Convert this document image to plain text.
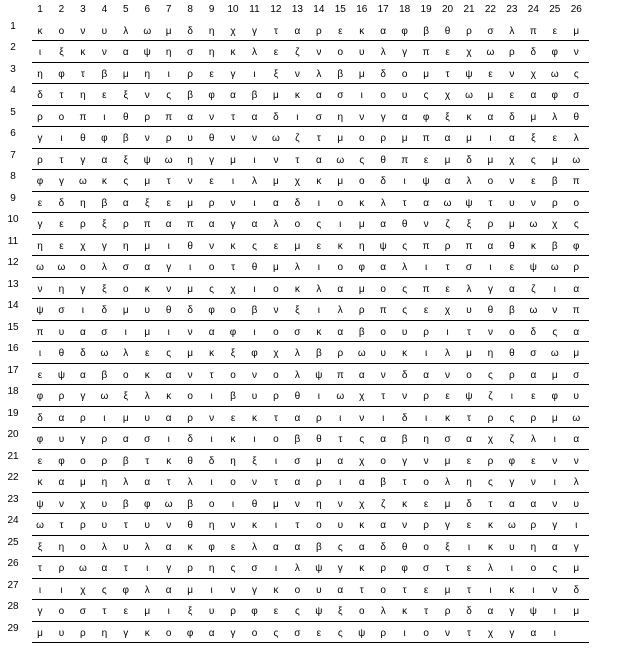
1	2	3	4	5	6	7	8	9	10	11	12	13	14	15	16	17	18	19	20	21	22	23	24	25	26
1	κ	ο	ν	υ	λ	ω	μ	δ	η	χ	γ	τ	α	ρ	ε	κ	α	φ	β	θ	ρ	σ	λ	π	ε	μ
2	ι	ξ	κ	ν	α	ψ	η	σ	η	κ	λ	ε	ζ	ν	ο	υ	λ	γ	π	ε	χ	ω	ρ	δ	φ	ν
3	η	φ	τ	β	μ	η	ι	ρ	ε	γ	ι	ξ	ν	λ	β	μ	δ	ο	μ	τ	ψ	ε	ν	χ	ω	ς
4	δ	τ	η	ε	ξ	ν	ς	β	φ	α	β	μ	κ	α	σ	ι	ο	υ	ς	χ	ω	μ	ε	α	φ	σ
5	ρ	ο	π	ι	θ	ρ	π	α	ν	τ	α	δ	ι	σ	η	ν	γ	α	φ	ξ	κ	α	δ	μ	λ	θ
6	γ	ι	θ	φ	β	ν	ρ	υ	θ	ν	ν	ω	ζ	τ	μ	ο	ρ	μ	π	α	μ	ι	α	ξ	ε	λ
7	ρ	τ	γ	α	ξ	ψ	ω	η	γ	μ	ι	ν	τ	α	ω	ς	θ	π	ε	μ	δ	μ	χ	ς	μ	ω
8	φ	γ	ω	κ	ς	μ	τ	ν	ε	ι	λ	μ	χ	κ	μ	ο	δ	ι	ψ	α	λ	ο	ν	ε	β	π
9	ε	δ	η	β	α	ξ	ε	μ	ρ	ν	ι	α	δ	ι	ο	κ	λ	τ	α	ω	ψ	τ	υ	ν	ρ	ο
10	γ	ε	ρ	ξ	ρ	π	α	π	α	γ	α	λ	ο	ς	ι	μ	α	θ	ν	ζ	ξ	ρ	μ	ω	χ	ς
11	η	ε	χ	γ	η	μ	ι	θ	ν	κ	ς	ε	μ	ε	κ	η	ψ	ς	π	ρ	π	α	θ	κ	β	φ
12	ω	ω	ο	λ	σ	α	γ	ι	ο	τ	θ	μ	λ	ι	ο	φ	α	λ	ι	τ	σ	ι	ε	ψ	ω	ρ
13	ν	η	γ	ξ	ο	κ	ν	μ	ς	χ	ι	ο	κ	λ	α	μ	ο	ς	π	ε	λ	γ	α	ζ	ι	α
14	ψ	σ	ι	δ	μ	υ	θ	δ	φ	ο	β	ν	ξ	ι	λ	ρ	π	ς	ε	χ	υ	θ	β	ω	ν	π
15	π	υ	α	σ	ι	μ	ι	ν	α	φ	ι	ο	σ	κ	α	β	ο	υ	ρ	ι	τ	ν	ο	δ	ς	α
16	ι	θ	δ	ω	λ	ε	ς	μ	κ	ξ	φ	χ	λ	β	ρ	ω	υ	κ	ι	λ	μ	η	θ	σ	ω	μ
17	ε	ψ	α	β	ο	κ	α	ν	τ	ο	ν	ο	λ	ψ	π	α	ν	δ	α	ν	ο	ς	ρ	α	μ	σ
18	φ	ρ	γ	ω	ξ	λ	κ	ο	ι	β	υ	ρ	θ	ι	ω	χ	τ	ν	ρ	ε	ψ	ζ	ι	ε	φ	υ
19	δ	α	ρ	ι	μ	υ	α	ρ	ν	ε	κ	τ	α	ρ	ι	ν	ι	δ	ι	κ	τ	ρ	ς	ρ	μ	ω
20	φ	υ	γ	ρ	α	σ	ι	δ	ι	κ	ι	ο	β	θ	τ	ς	α	β	η	σ	α	χ	ζ	λ	ι	α
21	ε	φ	ο	ρ	β	τ	κ	θ	δ	η	ξ	ι	σ	μ	α	χ	ο	γ	ν	μ	ε	ρ	φ	ε	ν	ν
22	κ	α	μ	η	λ	α	τ	λ	ι	ο	ν	τ	α	ρ	ι	α	β	τ	ο	λ	η	ς	γ	ν	ι	λ
23	ψ	ν	χ	υ	β	φ	ω	β	ο	ι	θ	μ	ν	η	ν	χ	ζ	κ	ε	μ	δ	τ	α	α	ν	υ
24	ω	τ	ρ	υ	τ	υ	ν	θ	η	ν	κ	ι	τ	ο	υ	κ	α	ν	ρ	γ	ε	κ	ω	ρ	γ	ι
25	ξ	η	ο	λ	υ	λ	α	κ	φ	ε	λ	α	α	β	ς	α	δ	θ	ο	ξ	ι	κ	υ	η	α	γ
26	τ	ρ	ω	α	τ	ι	γ	ρ	η	ς	σ	ι	λ	ψ	γ	κ	ρ	φ	σ	τ	ε	λ	ι	ο	ς	μ
27	ι	ι	χ	ς	φ	λ	α	μ	ι	ν	γ	κ	ο	υ	α	τ	ο	τ	ε	μ	τ	ι	κ	ι	ν	δ
28	γ	ο	σ	τ	ε	μ	ι	ξ	υ	ρ	φ	ε	ς	ψ	ξ	ο	λ	κ	τ	ρ	δ	α	γ	ψ	ι	μ
29	μ	υ	ρ	η	γ	κ	ο	φ	α	γ	ο	ς	σ	ε	ς	ψ	ρ	ι	ο	ν	τ	χ	γ	α	ι
